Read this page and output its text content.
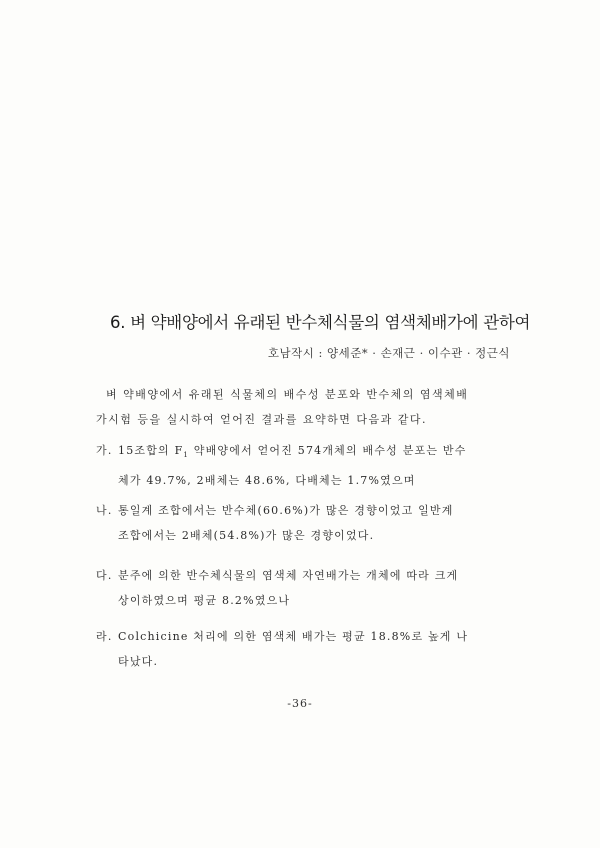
6. 벼 약배양에서 유래된 반수체식물의 염색체배가에 관하여
호남작시 : 양세준* · 손재근 · 이수관 · 정근식
벼 약배양에서 유래된 식물체의 배수성 분포와 반수체의 염색체배
가시험 등을 실시하여 얻어진 결과를 요약하면 다음과 같다.
가. 15조합의 $F_1$ 약배양에서 얻어진 574개체의 배수성 분포는 반수
체가 49.7%, 2배체는 48.6%, 다배체는 1.7%였으며
나. 통일계 조합에서는 반수체(60.6%)가 많은 경향이었고 일반계
조합에서는 2배체(54.8%)가 많은 경향이었다.
다. 분주에 의한 반수체식물의 염색체 자연배가는 개체에 따라 크게
상이하였으며 평균 8.2%였으나
라. Colchicine 처리에 의한 염색체 배가는 평균 18.8%로 높게 나
타났다.
-36-
